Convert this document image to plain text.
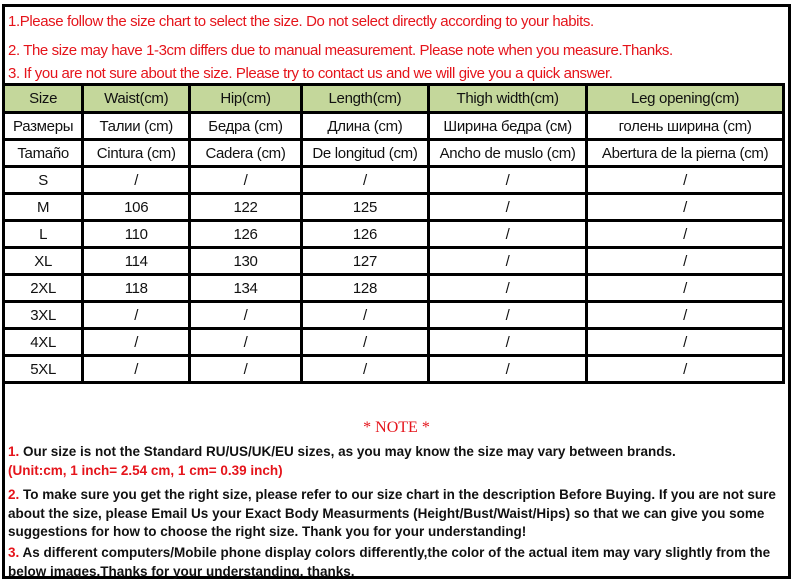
1.Please follow the size chart to select the size. Do not select directly according to your habits.
2. The size may have 1-3cm differs due to manual measurement. Please note when you measure.Thanks.
3. If you are not sure about the size. Please try to contact us and we will give you a quick answer.
Size	Waist(cm)	Hip(cm)	Length(cm)	Thigh width(cm)	Leg opening(cm)
Размеры	Талии (cm)	Бедра (cm)	Длина (cm)	Ширина бедра (см)	голень ширина (cm)
Tamaño	Cintura (cm)	Cadera (cm)	De longitud (cm)	Ancho de muslo (cm)	Abertura de la pierna (cm)
S	/	/	/	/	/
M	106	122	125	/	/
L	110	126	126	/	/
XL	114	130	127	/	/
2XL	118	134	128	/	/
3XL	/	/	/	/	/
4XL	/	/	/	/	/
5XL	/	/	/	/	/
* NOTE *

1. Our size is not the Standard RU/US/UK/EU sizes, as you may know the size may vary between brands.
(Unit:cm, 1 inch= 2.54 cm, 1 cm= 0.39 inch)

2. To make sure you get the right size, please refer to our size chart in the description Before Buying. If you are not sure about the size, please Email Us your Exact Body Measurments (Height/Bust/Waist/Hips) so that we can give you some suggestions for how to choose the right size. Thank you for your understanding!

3. As different computers/Mobile phone display colors differently,the color of the actual item may vary slightly from the below images.Thanks for your understanding. thanks.
